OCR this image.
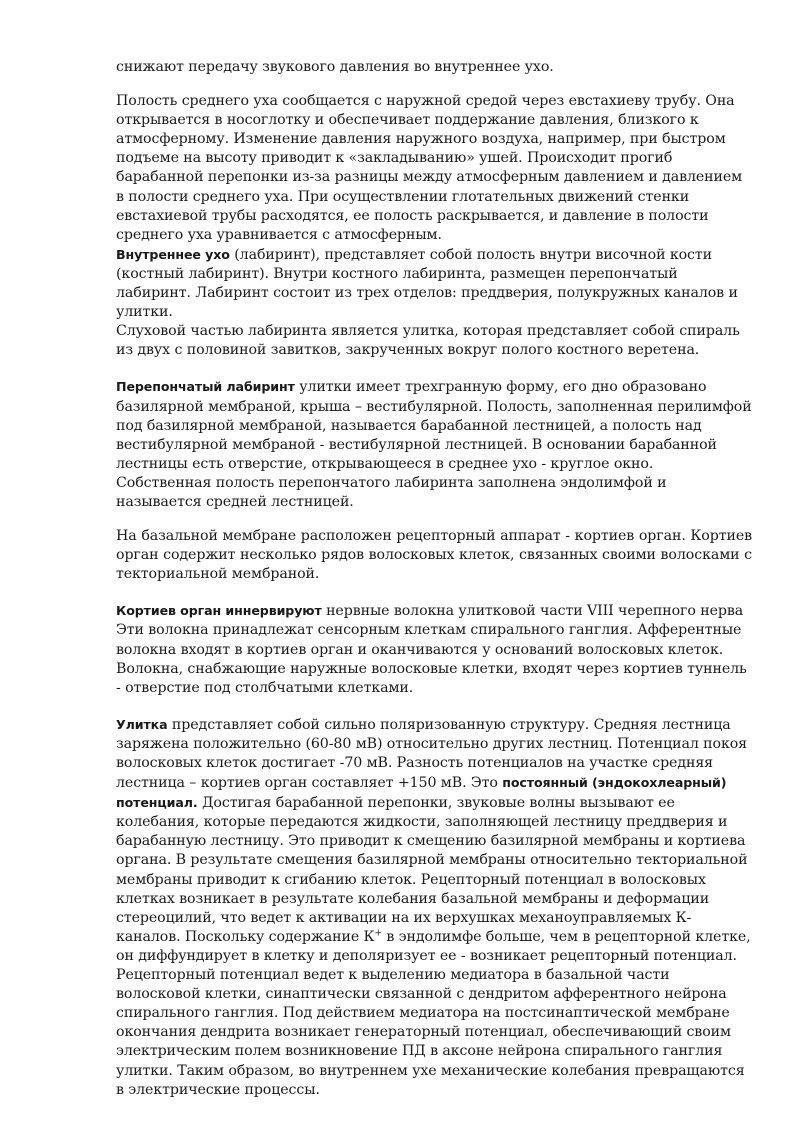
снижают передачу звукового давления во внутреннее ухо.

Полость среднего уха сообщается с наружной средой через евстахиеву трубу. Она открывается в носоглотку и обеспечивает поддержание давления, близкого к атмосферному. Изменение давления наружного воздуха, например, при быстром подъеме на высоту приводит к «закладыванию» ушей. Происходит прогиб барабанной перепонки из-за разницы между атмосферным давлением и давлением в полости среднего уха. При осуществлении глотательных движений стенки евстахиевой трубы расходятся, ее полость раскрывается, и давление в полости среднего уха уравнивается с атмосферным.

Внутреннее ухо (лабиринт), представляет собой полость внутри височной кости (костный лабиринт). Внутри костного лабиринта, размещен перепончатый лабиринт. Лабиринт состоит из трех отделов: преддверия, полукружных каналов и улитки.

Слуховой частью лабиринта является улитка, которая представляет собой спираль из двух с половиной завитков, закрученных вокруг полого костного веретена.

Перепончатый лабиринт улитки имеет трехгранную форму, его дно образовано базилярной мембраной, крыша – вестибулярной. Полость, заполненная перилимфой под базилярной мембраной, называется барабанной лестницей, а полость над вестибулярной мембраной - вестибулярной лестницей. В основании барабанной лестницы есть отверстие, открывающееся в среднее ухо - круглое окно. Собственная полость перепончатого лабиринта заполнена эндолимфой и называется средней лестницей.

На базальной мембране расположен рецепторный аппарат - кортиев орган. Кортиев орган содержит несколько рядов волосковых клеток, связанных своими волосками с текториальной мембраной.

Кортиев орган иннервируют нервные волокна улитковой части VIII черепного нерва Эти волокна принадлежат сенсорным клеткам спирального ганглия. Афферентные волокна входят в кортиев орган и оканчиваются у оснований волосковых клеток. Волокна, снабжающие наружные волосковые клетки, входят через кортиев туннель - отверстие под столбчатыми клетками.

Улитка представляет собой сильно поляризованную структуру. Средняя лестница заряжена положительно (60-80 мВ) относительно других лестниц. Потенциал покоя волосковых клеток достигает -70 мВ. Разность потенциалов на участке средняя лестница – кортиев орган составляет +150 мВ. Это постоянный (эндокохлеарный) потенциал. Достигая барабанной перепонки, звуковые волны вызывают ее колебания, которые передаются жидкости, заполняющей лестницу преддверия и барабанную лестницу. Это приводит к смещению базилярной мембраны и кортиева органа. В результате смещения базилярной мембраны относительно текториальной мембраны приводит к сгибанию клеток. Рецепторный потенциал в волосковых клетках возникает в результате колебания базальной мембраны и деформации стереоцилий, что ведет к активации на их верхушках механоуправляемых К-каналов. Поскольку содержание К+ в эндолимфе больше, чем в рецепторной клетке, он диффундирует в клетку и деполяризует ее - возникает рецепторный потенциал. Рецепторный потенциал ведет к выделению медиатора в базальной части волосковой клетки, синаптически связанной с дендритом афферентного нейрона спирального ганглия. Под действием медиатора на постсинаптической мембране окончания дендрита возникает генераторный потенциал, обеспечивающий своим электрическим полем возникновение ПД в аксоне нейрона спирального ганглия улитки. Таким образом, во внутреннем ухе механические колебания превращаются в электрические процессы.
